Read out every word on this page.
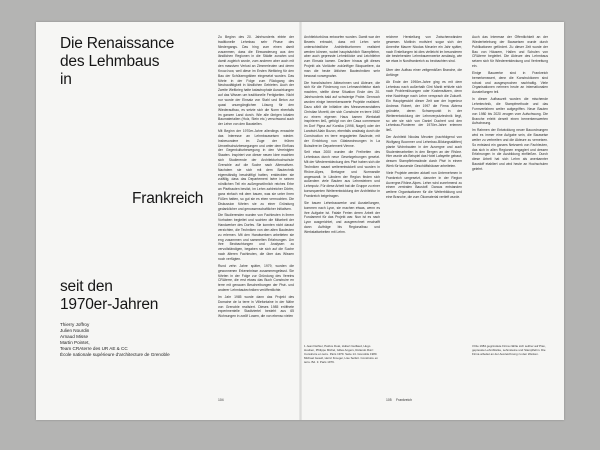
Die Renaissance
des Lehmbaus
in
Frankreich
seit den
1970er-Jahren
Thierry Joffroy
Julien Nourdin
Arnaud Misse
Martin Pointet,
Team CRAterre des UR AE & CC
École nationale supérieure d'architecture de Grenoble

Zu Beginn des 20. Jahrhunderts ebbte der traditionelle Lehmbau sehr Phase des Niedergangs. Das hing zum einen damit zusammen, dass die Einwanderung aus den ländlichen Regionen in die Städte zunahm und damit zugleich wurde, zum anderen aber auch mit den massiven Verlust an Zimmerleuten und deren Know-how, weil diese im Ersten Weltkrieg für den Bau der Schützengräben eingesetzt wurden. Das führte in der Folge zum Rückgang des Neubautätigkeit in ländlichen Gebieten. Auch der Zweite Weltkrieg hatte katastrophale Auswirkungen auf das Wissen um traditionelle Fertigkeiten. Nicht nur wurde der Einsatz von Stahl und Beton zur quasi unumgänglichen Lösung für den Wiederaufbau, es setzte sich die Norm ebenfalls im ganzen Land durch. Wie alle übrigen lokalen Baumaterialien (Holz, Stein etc.) verschwand auch der Lehm von den Baustellen.

Mit Beginn der 1970er-Jahre allerdings erwachte das Interesse an Lehmbauweisen wieder. Insbesondere im Zuge der frühen Umweltschutzbewegungen und unter dem Einfluss der Gegenkulturbewegung in den Vereinigten Staaten. Inspiriert von dieser neuen Idee machten sich Studierende der Architekturhochschule Grenoble auf die Suche nach Alternativen. Nachdem sie sich mit dem Bautechnik eigenständig beschäftigt hatten, entdeckten sie zufällig, dass das Departement Isère in seinen nördlichen Teil ein außergewöhnlich reiches Erbe an Pisébauten besitzt, im Lehm zahlreicher Dörfer, ganz einfach mit dem bauen, was sie unter ihren Füßen hatten, so gut sie es eben vermochten. Die Diskussion führten sie zu einer Gründung gedanklicher und genossenschaftlicher Initiativen.

Die Studierenden wurden von Fachleuten in ihrem Vorhaben begleitet und suchten die Mitarbeit der Handwerker des Dorfes. Sie konnten nicht darauf verzichten, die Techniken von den alten Bauleuten zu erlernen. Mit den Handwerkern arbeiteten sie eng zusammen und sammelten Erfahrungen. Um ihre Beobachtungen und Analysen zu vervollständigen, begaben sie sich auf die Suche nach älteren Fachleuten, die über das Wissen noch verfügten.

Rund zehn Jahre später, 1979, wurden die gewonnenen Erkenntnisse zusammengefasst. Sie führten in der Folge zur Gründung des Vereins CRAterre, die erst etwas das Buch Construire en terre mit genauen Beschreibungen der Pisé- und anderer Lehmbautechniken veröffentlichte.

Im Jahr 1985 wurde dann das Projekt des Domaine de la terre in Villefontaine in der Nähe von Grenoble realisiert. Dieses 1985 eröffnete experimentelle Stadtviertel besteht aus 65 Wohnungen in zwölf Lowen, die von ebenso vielen

Architekturbüros entworfen wurden. Damit war der Beweis erbracht, dass mit Lehm sehr unterschiedliche Architekturformen realisiert werden können, wobei hauptsächlich Stampflehm, aber auch gepresste Lehmblöcke und Leichtlehm zum Einsatz kamen. Darüber hinaus gilt dieses Projekt als Vorläufer zukünftiger Bioquartiere, da man die heute üblichen Bautechniken sehr bewusst vorwegnahm.

Die französischen Akteurinnen und Akteure, die sich für die Förderung von Lehmarchitektur stark machten, stellte diese Situation Ende des 20. Jahrhunderts bald auf schwierige Probe. Dennoch wurden einige bemerkenswerte Projekte realisiert. Dazu zählt die Initiative des Messeveranstalters Christian Moretti, der sich Construire en terre 1982 zu einem eigenen Haus kamen Werkstatt inspirieren ließ, gefolgt von der Casa commmune im Dorf Pigna auf Korsika (1998, Nagel) oder der Landwirt Alain Bozon, ebenfalls ansässig durch die Construction en terre engagierten Bauleute, mit der Errichtung von Gästewohnungen in La Buissière im Departement Vienne.

Seit etwa 2000 wurden die Freiheiten des Lehmbaus durch neue Gesetzgebungen gesetzt. Mit der Wiederentdeckung des Pisé haben sich die Techniken rasant weiterentwickelt und wurden in Rhône-Alpes, Bretagne und Normandie angewandt. In Ländern der Region finden sich außerdem viele Bauten aus Lehmsteinen und Lehmputz. Für diese Arbeit hat die Gruppe zu einer konsequenten Weiterentwicklung der Architektur in Frankreich beigetragen.

Sie bauen Lehmbauwerke und Ausstellungen, kommen nach Lyon, sie machen etwas, wenn es ihre Aufgabe ist. Fatale Ferien deren Arbeit der Fundament für das Projekt war. Nun ist es nach Lyon ausgerichtet, und ausgerechnet erschafft dann Aufträge bis Regionalbau und Werkstattarbeiten mit Lehm.

reichere Herstellung von Zwischenwänden gewesen. Mottivin motiviert sogar sich der Amenthe Maurer Nicolas Meunier ein Jahr später, nach Erstellungen ist dies vielleicht im besonderen die bestehenden Lehmbauernwerke ansässig, wie sie etwa in Nordfrankreich zu beobachten sind.

Über den Aufbau einer zeitgemäßen Branche, die Anfänge

Ab Ende der 1990er-Jahre ging es mit dem Lehmbau nach außerhalb Gint Markt erhitzte sich nach Problemlösungen oder Kostensätzen, denn eine Nachfrage nach Lehm versprach die Zukunft. Ein Hauptgewicht dieser Zeit war der Ingenieur Andreas Robert, der 1997 die Firma Akterra gründete, deren Schwerpunkt in der Weiterentwicklung der Lehmverputztechnik liegt, so wie sie sich von Daniel Duchert und den Lehmbau-Pionieren der 1970er-Jahre erlernen ließ.

Der Architekt Nicolas Meunier (nachfolgend von Wolfgang Boonmer und Lehmbau-Bildungsstätten) plante Wohnbauten in der Auvergne und auch Studentenarbeiten in den Bergen an der Rhône. Hier wurde als Beispiel das Hotel Lafayette gebaut, dessen Stampflehmwände durch Pisé in einem Werk für tausende Geschäftshäuser arbeiteten.

Viele Projekte werden aktuell von Unternehmen in Frankreich umgesetzt, darunter in der Region Auvergne-Rhône-Alpes. Lehm wird zunehmend zu einem zentralen Baustoff. Daraus entstanden weitere Organisationen für die Weiterbildung und eine Branche, die zum Ökomaterial vertieft wurde.

Auch das Interesse der Öffentlichkeit an der Wiederbelebung der Bauweisen wurde durch Publikationen gefördert. Zu dieser Zeit wurde der Bau von Häusern, Hallen und Schulen von CRAterre begleitet. Die Akteure des Lehmbaus setzen sich für Wiederentdeckung und Verbreitung ein.

Einige Bauwerke sind in Frankreich bemerkenswert, denn die Konstruktionen sind robust und ausgesprochen nachhaltig. Viele Organisationen nehmen heute an internationalen Ausstellungen teil.

In dieser Aufbauzeit wurden die mischende Lehmtechnik, die Stampfmethode und das Formverfahren weiter aufgegriffen. Neue Bauten von 1980 bis 2020 zeugen vom Aufschwung. Die Branche erlebt derzeit einen bemerkenswerten Aufschwung.

Im Rahmen der Entwicklung neuer Bauordnungen wird es immer eine Aufgabe sein, die Bauweise weiter zu verbreiten und die Akteure zu vernetzen. So entstand ein ganzes Netzwerk von Fachleuten, das sich in allen Regionen engagiert und dessen Erfahrungen in die Ausbildung einfließen. Durch diese Arbeit hat sich Lehm als anerkannter Baustoff etabliert und wird heute an Hochschulen gelehrt.

1 Jean Dethier, Patrice Doat, Hubert Guillaud, Hugo Houben, Philippe Michel, Gilles Angers, Rolando Ruiz: Construire en terre. Paris 1979. Seite 14. Grenoble 1980. Michael Gesell, Heinz Kroeger, Lise Seifert. Construire en terre. Bd. 3. Paris 1979.
3 Die 1984 gegründete Firma zählte sich seither auf Pisé, gepresste Lehmblöcke, Lehmsteine und Stampflehm. Die Firma arbeitet an der Auszeichnung zu den Werken.
104	105 Frankreich
